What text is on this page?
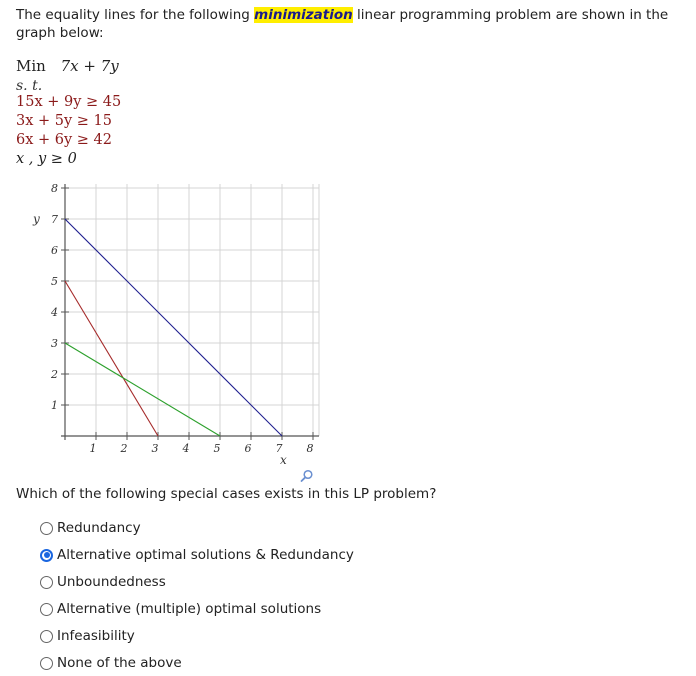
The equality lines for the following minimization linear programming problem are shown in the graph below:
Min 7x + 7y
s. t.
15x + 9y ≥ 45
3x + 5y ≥ 15
6x + 6y ≥ 42
x , y ≥ 0
1 2 3 4 5 6 7 8
1
2
3
4
5
6
7
8
x
y
Which of the following special cases exists in this LP problem?
Redundancy
Alternative optimal solutions & Redundancy
Unboundedness
Alternative (multiple) optimal solutions
Infeasibility
None of the above
